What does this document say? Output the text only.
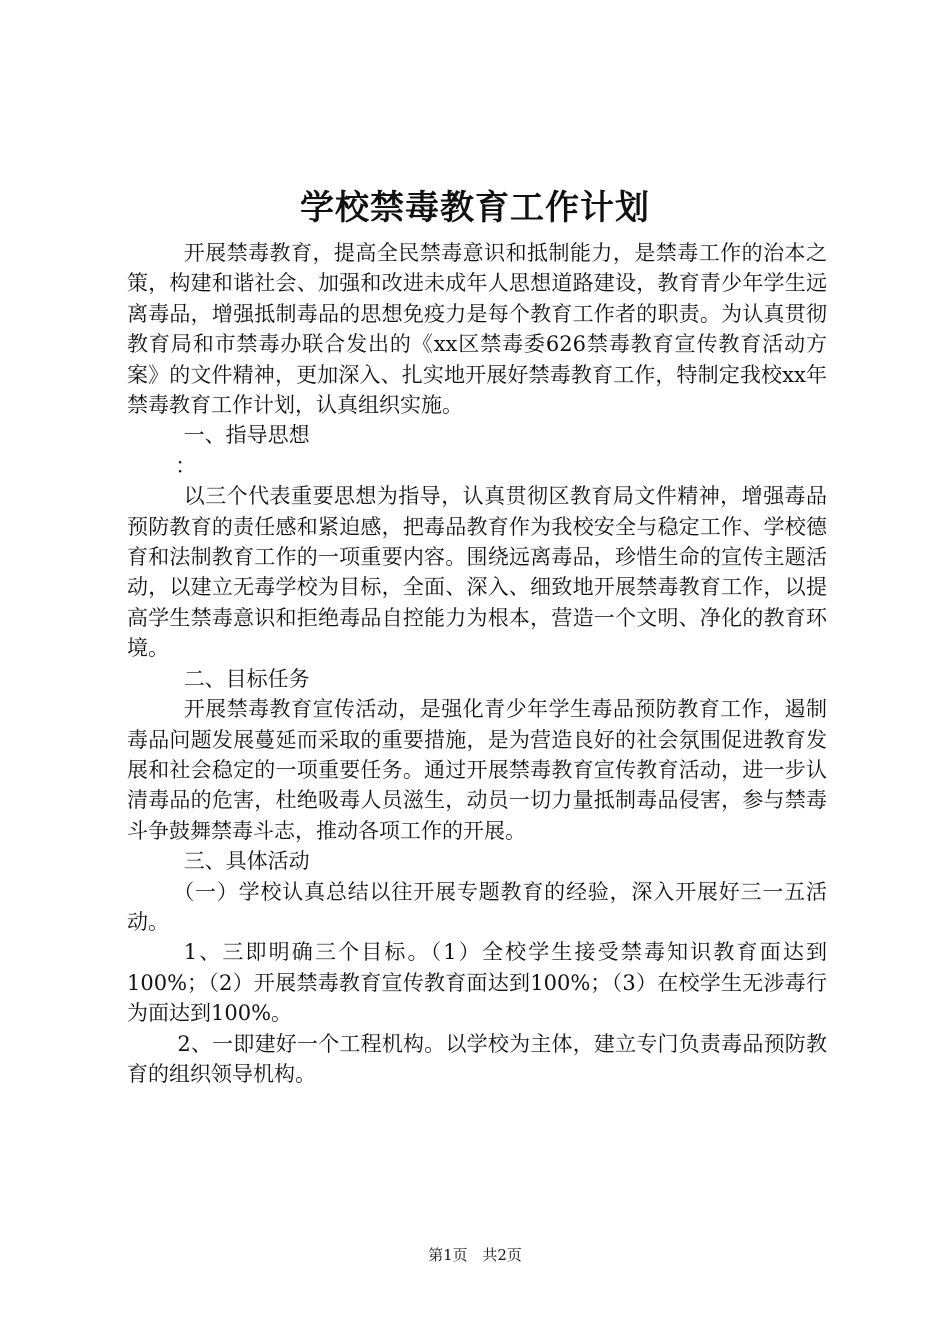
学校禁毒教育工作计划

开展禁毒教育，提高全民禁毒意识和抵制能力，是禁毒工作的治本之策，构建和谐社会、加强和改进未成年人思想道路建设，教育青少年学生远离毒品，增强抵制毒品的思想免疫力是每个教育工作者的职责。为认真贯彻教育局和市禁毒办联合发出的《xx区禁毒委626禁毒教育宣传教育活动方案》的文件精神，更加深入、扎实地开展好禁毒教育工作，特制定我校xx年禁毒教育工作计划，认真组织实施。

一、指导思想

：

以三个代表重要思想为指导，认真贯彻区教育局文件精神，增强毒品预防教育的责任感和紧迫感，把毒品教育作为我校安全与稳定工作、学校德育和法制教育工作的一项重要内容。围绕远离毒品，珍惜生命的宣传主题活动，以建立无毒学校为目标，全面、深入、细致地开展禁毒教育工作，以提高学生禁毒意识和拒绝毒品自控能力为根本，营造一个文明、净化的教育环境。

二、目标任务

开展禁毒教育宣传活动，是强化青少年学生毒品预防教育工作，遏制毒品问题发展蔓延而采取的重要措施，是为营造良好的社会氛围促进教育发展和社会稳定的一项重要任务。通过开展禁毒教育宣传教育活动，进一步认清毒品的危害，杜绝吸毒人员滋生，动员一切力量抵制毒品侵害，参与禁毒斗争鼓舞禁毒斗志，推动各项工作的开展。

三、具体活动

（一）学校认真总结以往开展专题教育的经验，深入开展好三一五活动。

1、三即明确三个目标。（1）全校学生接受禁毒知识教育面达到100%；（2）开展禁毒教育宣传教育面达到100%；（3）在校学生无涉毒行为面达到100%。

2、一即建好一个工程机构。以学校为主体，建立专门负责毒品预防教育的组织领导机构。

第1页 共2页
